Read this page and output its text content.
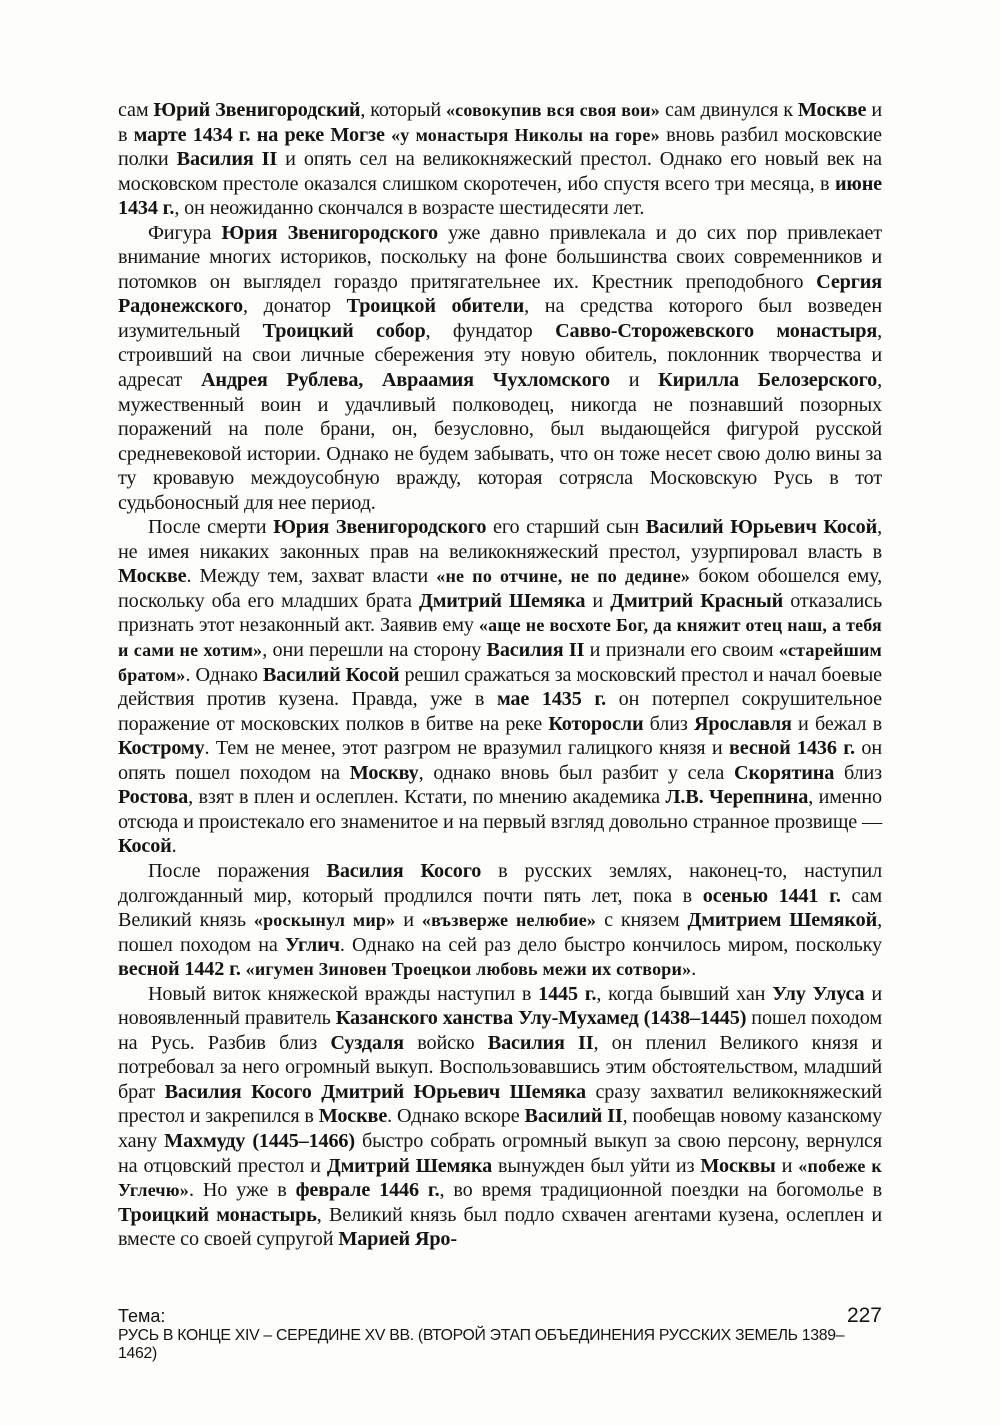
сам Юрий Звенигородский, который «совокупив вся своя вои» сам двинулся к Москве и в марте 1434 г. на реке Могзе «у монастыря Николы на горе» вновь разбил московские полки Василия II и опять сел на великокняжеский престол. Однако его новый век на московском престоле оказался слишком скоротечен, ибо спустя всего три месяца, в июне 1434 г., он неожиданно скончался в возрасте шестидесяти лет.

Фигура Юрия Звенигородского уже давно привлекала и до сих пор привлекает внимание многих историков, поскольку на фоне большинства своих современников и потомков он выглядел гораздо притягательнее их. Крестник преподобного Сергия Радонежского, донатор Троицкой обители, на средства которого был возведен изумительный Троицкий собор, фундатор Савво-Сторожевского монастыря, строивший на свои личные сбережения эту новую обитель, поклонник творчества и адресат Андрея Рублева, Авраамия Чухломского и Кирилла Белозерского, мужественный воин и удачливый полководец, никогда не познавший позорных поражений на поле брани, он, безусловно, был выдающейся фигурой русской средневековой истории. Однако не будем забывать, что он тоже несет свою долю вины за ту кровавую междоусобную вражду, которая сотрясла Московскую Русь в тот судьбоносный для нее период.

После смерти Юрия Звенигородского его старший сын Василий Юрьевич Косой, не имея никаких законных прав на великокняжеский престол, узурпировал власть в Москве. Между тем, захват власти «не по отчине, не по дедине» боком обошелся ему, поскольку оба его младших брата Дмитрий Шемяка и Дмитрий Красный отказались признать этот незаконный акт. Заявив ему «аще не восхоте Бог, да княжит отец наш, а тебя и сами не хотим», они перешли на сторону Василия II и признали его своим «старейшим братом». Однако Василий Косой решил сражаться за московский престол и начал боевые действия против кузена. Правда, уже в мае 1435 г. он потерпел сокрушительное поражение от московских полков в битве на реке Которосли близ Ярославля и бежал в Кострому. Тем не менее, этот разгром не вразумил галицкого князя и весной 1436 г. он опять пошел походом на Москву, однако вновь был разбит у села Скорятина близ Ростова, взят в плен и ослеплен. Кстати, по мнению академика Л.В. Черепнина, именно отсюда и проистекало его знаменитое и на первый взгляд довольно странное прозвище — Косой.

После поражения Василия Косого в русских землях, наконец-то, наступил долгожданный мир, который продлился почти пять лет, пока в осенью 1441 г. сам Великий князь «роскынул мир» и «възверже нелюбие» с князем Дмитрием Шемякой, пошел походом на Углич. Однако на сей раз дело быстро кончилось миром, поскольку весной 1442 г. «игумен Зиновен Троецкои любовь межи их сотвори».

Новый виток княжеской вражды наступил в 1445 г., когда бывший хан Улу Улуса и новоявленный правитель Казанского ханства Улу-Мухамед (1438–1445) пошел походом на Русь. Разбив близ Суздаля войско Василия II, он пленил Великого князя и потребовал за него огромный выкуп. Воспользовавшись этим обстоятельством, младший брат Василия Косого Дмитрий Юрьевич Шемяка сразу захватил великокняжеский престол и закрепился в Москве. Однако вскоре Василий II, пообещав новому казанскому хану Махмуду (1445–1466) быстро собрать огромный выкуп за свою персону, вернулся на отцовский престол и Дмитрий Шемяка вынужден был уйти из Москвы и «побеже к Углечю». Но уже в феврале 1446 г., во время традиционной поездки на богомолье в Троицкий монастырь, Великий князь был подло схвачен агентами кузена, ослеплен и вместе со своей супругой Марией Яро-

Тема:	227
РУСЬ В КОНЦЕ XIV – СЕРЕДИНЕ XV ВВ. (ВТОРОЙ ЭТАП ОБЪЕДИНЕНИЯ РУССКИХ ЗЕМЕЛЬ 1389–1462)
